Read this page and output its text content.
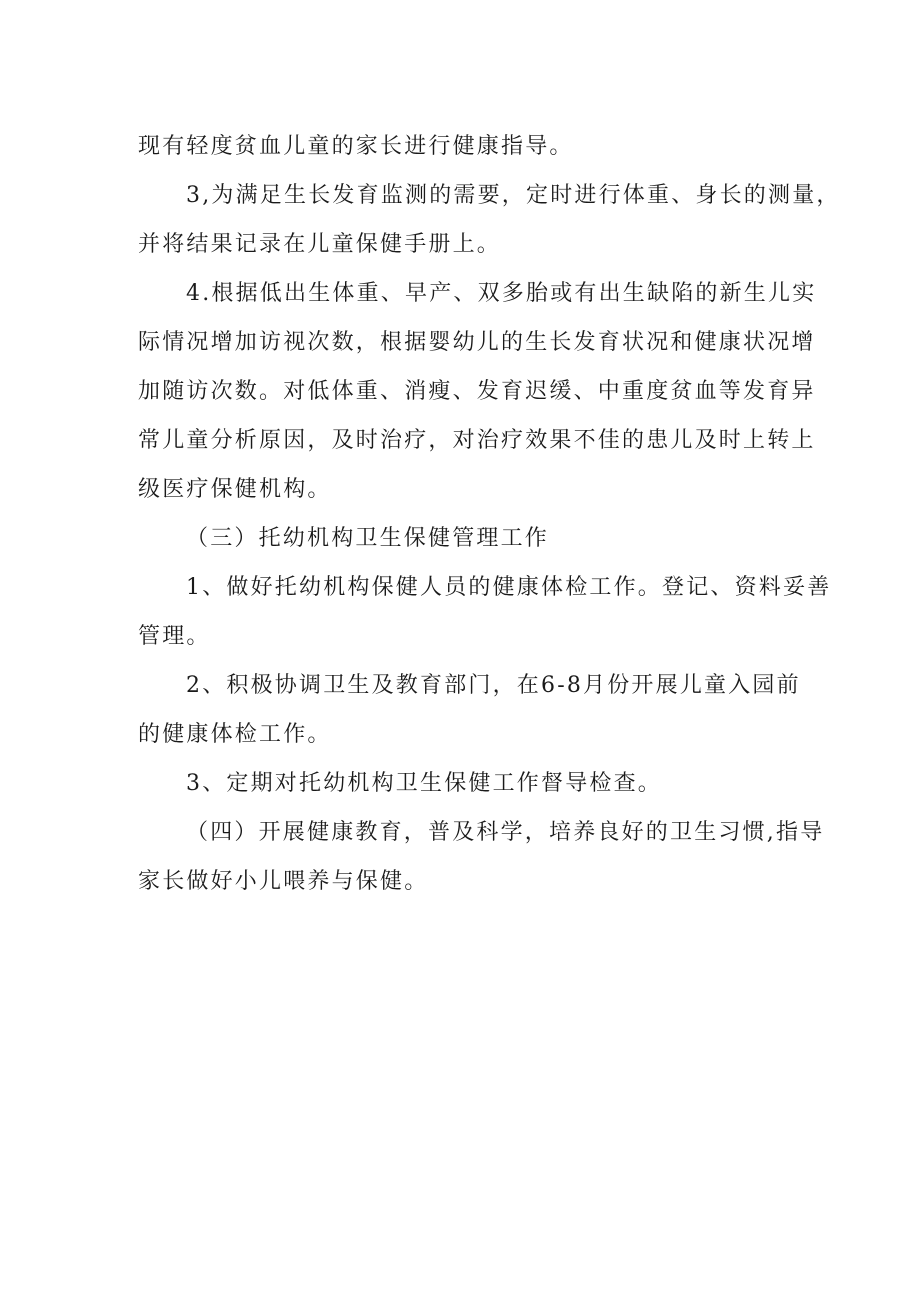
现有轻度贫血儿童的家长进行健康指导。
3,为满足生长发育监测的需要，定时进行体重、身长的测量，
并将结果记录在儿童保健手册上。
4.根据低出生体重、早产、双多胎或有出生缺陷的新生儿实
际情况增加访视次数，根据婴幼儿的生长发育状况和健康状况增
加随访次数。对低体重、消瘦、发育迟缓、中重度贫血等发育异
常儿童分析原因，及时治疗，对治疗效果不佳的患儿及时上转上
级医疗保健机构。
（三）托幼机构卫生保健管理工作
1、做好托幼机构保健人员的健康体检工作。登记、资料妥善
管理。
2、积极协调卫生及教育部门，在6-8月份开展儿童入园前
的健康体检工作。
3、定期对托幼机构卫生保健工作督导检查。
（四）开展健康教育，普及科学，培养良好的卫生习惯,指导
家长做好小儿喂养与保健。
